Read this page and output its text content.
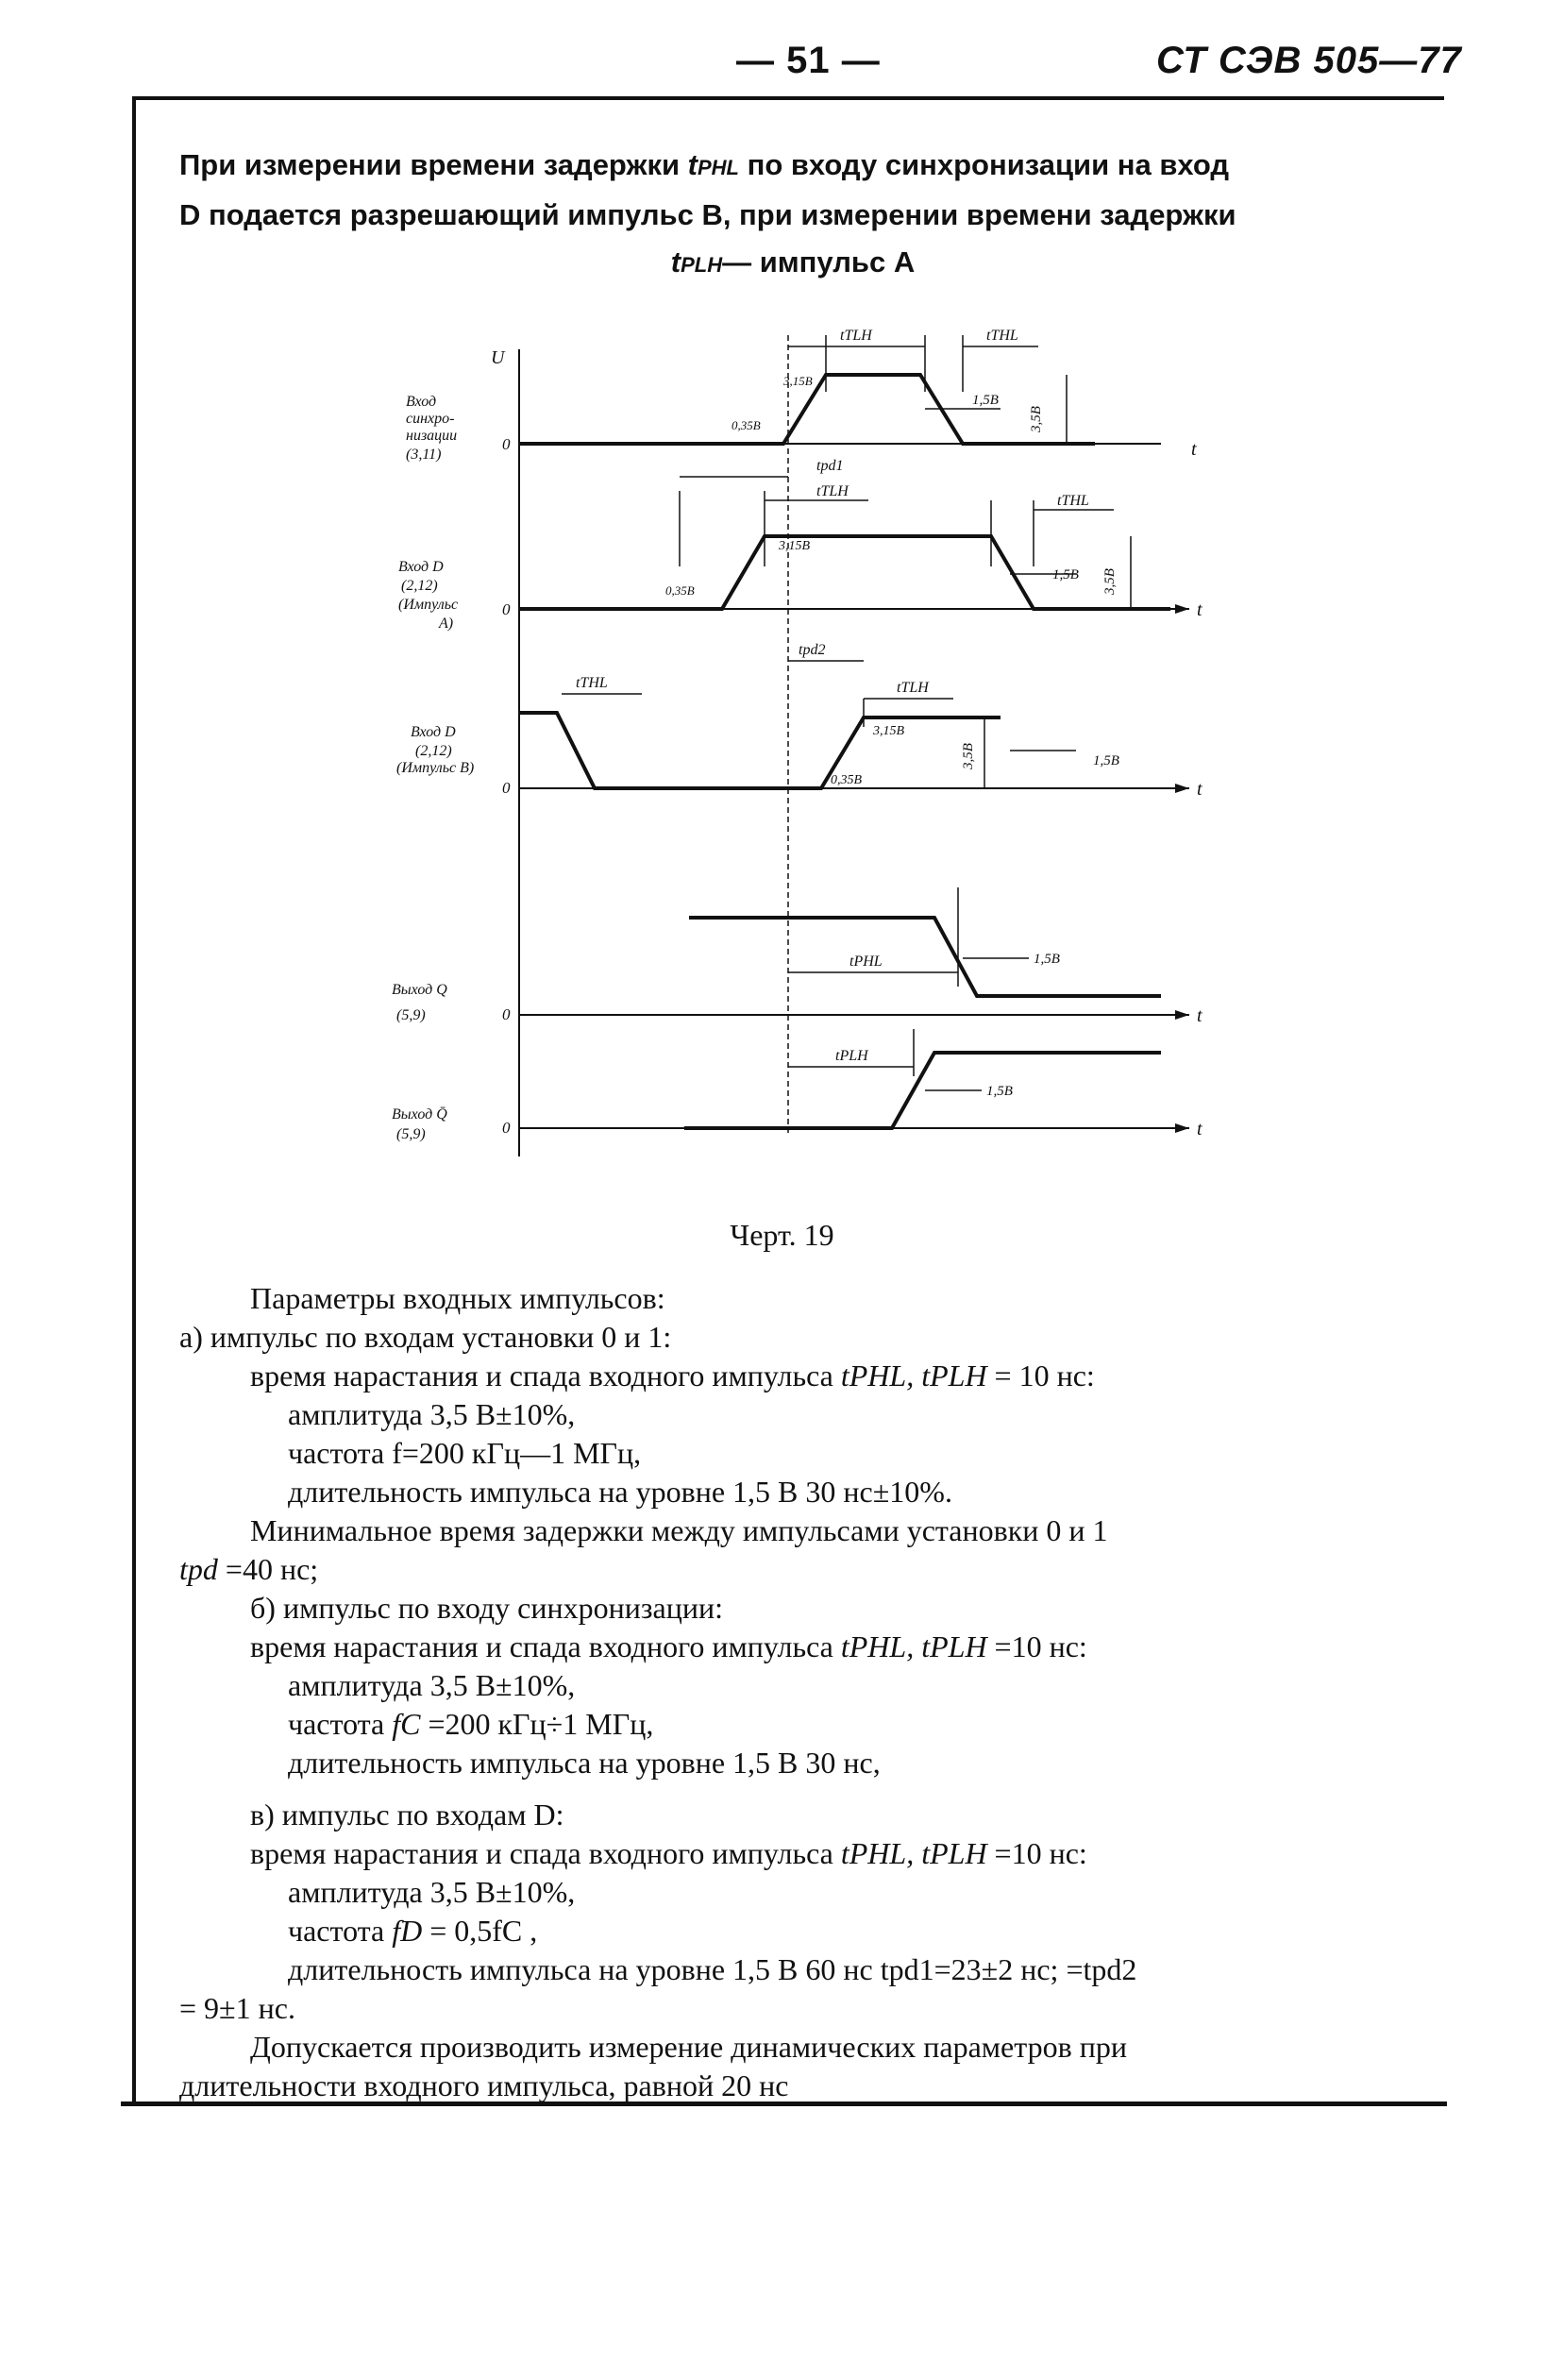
— 51 —	СТ СЭВ 505—77
При измерении времени задержки tPHL по входу синхронизации на вход
D подается разрешающий импульс B, при измерении времени задержки
tPLH— импульс A
U
t
t
t
t
t
0
0
0
0
0
Вход
синхро-
низации
(3,11)
Вход D
(2,12)
(Импульс
A)
Вход D
(2,12)
(Импульс B)
Выход Q
(5,9)
Выход Q̄
(5,9)
tTLH	tTHL
tpd1
tTLH
tTHL
tpd2
tTHL	tTLH
tPHL
tPLH
3,15В
0,35В
1,5В
3,5В
3,15В
0,35В
1,5В 3,5В
3,15В
0,35В
3,5В	1,5В
1,5В
1,5В
Черт. 19

Параметры входных импульсов:

а) импульс по входам установки 0 и 1:

время нарастания и спада входного импульса tPHL, tPLH = 10 нс:

амплитуда 3,5 В±10%,

частота f=200 кГц—1 МГц,

длительность импульса на уровне 1,5 В 30 нс±10%.

Минимальное время задержки между импульсами установки 0 и 1

tpd =40 нс;

б) импульс по входу синхронизации:

время нарастания и спада входного импульса tPHL, tPLH =10 нс:

амплитуда 3,5 В±10%,

частота fC =200 кГц÷1 МГц,

длительность импульса на уровне 1,5 В 30 нс,

в) импульс по входам D:

время нарастания и спада входного импульса tPHL, tPLH =10 нс:

амплитуда 3,5 В±10%,

частота fD = 0,5fC ,

длительность импульса на уровне 1,5 В 60 нс tpd1=23±2 нс; =tpd2

= 9±1 нс.

Допускается производить измерение динамических параметров при

длительности входного импульса, равной 20 нс
